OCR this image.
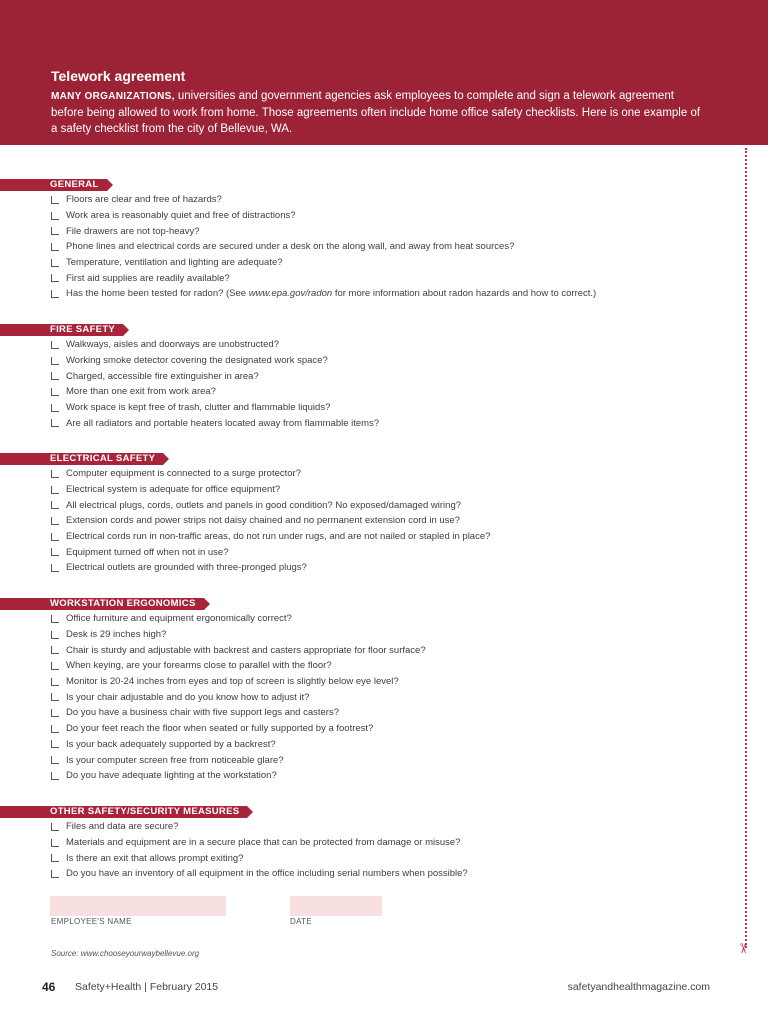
Telework agreement
MANY ORGANIZATIONS, universities and government agencies ask employees to complete and sign a telework agreement before being allowed to work from home. Those agreements often include home office safety checklists. Here is one example of a safety checklist from the city of Bellevue, WA.
✂
GENERAL
Floors are clear and free of hazards?
Work area is reasonably quiet and free of distractions?
File drawers are not top-heavy?
Phone lines and electrical cords are secured under a desk on the along wall, and away from heat sources?
Temperature, ventilation and lighting are adequate?
First aid supplies are readily available?
Has the home been tested for radon? (See www.epa.gov/radon for more information about radon hazards and how to correct.)
FIRE SAFETY
Walkways, aisles and doorways are unobstructed?
Working smoke detector covering the designated work space?
Charged, accessible fire extinguisher in area?
More than one exit from work area?
Work space is kept free of trash, clutter and flammable liquids?
Are all radiators and portable heaters located away from flammable items?
ELECTRICAL SAFETY
Computer equipment is connected to a surge protector?
Electrical system is adequate for office equipment?
All electrical plugs, cords, outlets and panels in good condition? No exposed/damaged wiring?
Extension cords and power strips not daisy chained and no permanent extension cord in use?
Electrical cords run in non-traffic areas, do not run under rugs, and are not nailed or stapled in place?
Equipment turned off when not in use?
Electrical outlets are grounded with three-pronged plugs?
WORKSTATION ERGONOMICS
Office furniture and equipment ergonomically correct?
Desk is 29 inches high?
Chair is sturdy and adjustable with backrest and casters appropriate for floor surface?
When keying, are your forearms close to parallel with the floor?
Monitor is 20-24 inches from eyes and top of screen is slightly below eye level?
Is your chair adjustable and do you know how to adjust it?
Do you have a business chair with five support legs and casters?
Do your feet reach the floor when seated or fully supported by a footrest?
Is your back adequately supported by a backrest?
Is your computer screen free from noticeable glare?
Do you have adequate lighting at the workstation?
OTHER SAFETY/SECURITY MEASURES
Files and data are secure?
Materials and equipment are in a secure place that can be protected from damage or misuse?
Is there an exit that allows prompt exiting?
Do you have an inventory of all equipment in the office including serial numbers when possible?
EMPLOYEE'S NAME	DATE
Source: www.chooseyourwaybellevue.org
46 Safety+Health | February 2015	safetyandhealthmagazine.com
